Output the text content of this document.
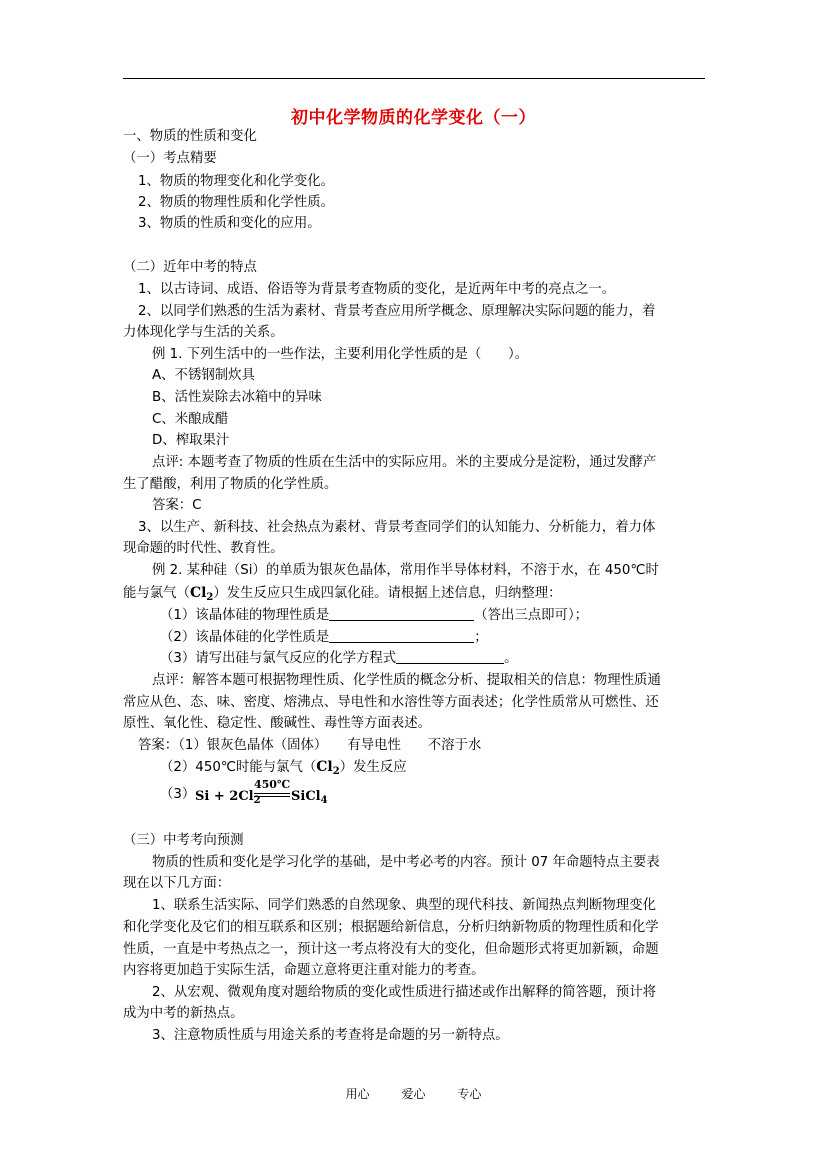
初中化学物质的化学变化（一）
一、物质的性质和变化
（一）考点精要
1、物质的物理变化和化学变化。
2、物质的物理性质和化学性质。
3、物质的性质和变化的应用。
（二）近年中考的特点
1、以古诗词、成语、俗语等为背景考查物质的变化，是近两年中考的亮点之一。
2、以同学们熟悉的生活为素材、背景考查应用所学概念、原理解决实际问题的能力，着
力体现化学与生活的关系。
例 1. 下列生活中的一些作法，主要利用化学性质的是（　　）。
A、不锈钢制炊具
B、活性炭除去冰箱中的异味
C、米酿成醋
D、榨取果汁
点评: 本题考查了物质的性质在生活中的实际应用。米的主要成分是淀粉，通过发酵产
生了醋酸，利用了物质的化学性质。
答案：C
3、以生产、新科技、社会热点为素材、背景考查同学们的认知能力、分析能力，着力体
现命题的时代性、教育性。
例 2. 某种硅（Si）的单质为银灰色晶体，常用作半导体材料，不溶于水，在 450℃时
能与氯气$(Cl_2)$发生反应只生成四氯化硅。请根据上述信息，归纳整理：
（1）该晶体硅的物理性质是	（答出三点即可）；
（2）该晶体硅的化学性质是	；
（3）请写出硅与氯气反应的化学方程式	。
点评：解答本题可根据物理性质、化学性质的概念分析、提取相关的信息：物理性质通
常应从色、态、味、密度、熔沸点、导电性和水溶性等方面表述；化学性质常从可燃性、还
原性、氧化性、稳定性、酸碱性、毒性等方面表述。
答案：（1）银灰色晶体（固体）　　有导电性　　不溶于水
（2）450℃时能与氯气$(Cl_2)$发生反应
（3） $Si + 2Cl_2$
450℃
SiCl$_4$
（三）中考考向预测
物质的性质和变化是学习化学的基础，是中考必考的内容。预计 07 年命题特点主要表
现在以下几方面：
1、联系生活实际、同学们熟悉的自然现象、典型的现代科技、新闻热点判断物理变化
和化学变化及它们的相互联系和区别；根据题给新信息，分析归纳新物质的物理性质和化学
性质，一直是中考热点之一，预计这一考点将没有大的变化，但命题形式将更加新颖，命题
内容将更加趋于实际生活，命题立意将更注重对能力的考查。
2、从宏观、微观角度对题给物质的变化或性质进行描述或作出解释的简答题，预计将
成为中考的新热点。
3、注意物质性质与用途关系的考查将是命题的另一新特点。
用心	爱心	专心
